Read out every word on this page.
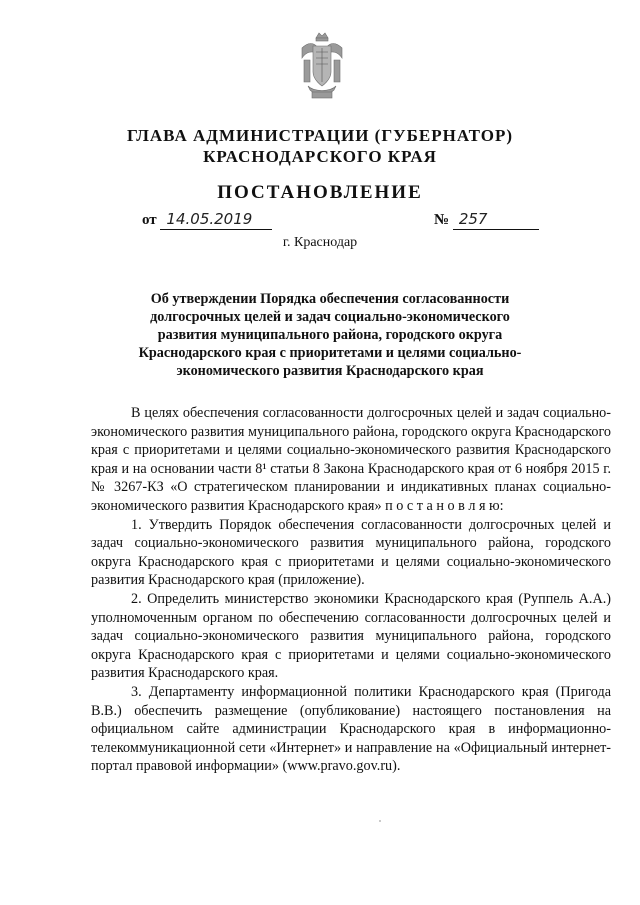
ГЛАВА АДМИНИСТРАЦИИ (ГУБЕРНАТОР)
КРАСНОДАРСКОГО КРАЯ
ПОСТАНОВЛЕНИЕ
от 14.05.2019	№ 257
г. Краснодар
Об утверждении Порядка обеспечения согласованности долгосрочных целей и задач социально-экономического развития муниципального района, городского округа Краснодарского края с приоритетами и целями социально-экономического развития Краснодарского края

В целях обеспечения согласованности долгосрочных целей и задач социально-экономического развития муниципального района, городского округа Краснодарского края с приоритетами и целями социально-экономического развития Краснодарского края и на основании части 8¹ статьи 8 Закона Краснодарского края от 6 ноября 2015 г. № 3267-КЗ «О стратегическом планировании и индикативных планах социально-экономического развития Краснодарского края» п о с т а н о в л я ю:

1. Утвердить Порядок обеспечения согласованности долгосрочных целей и задач социально-экономического развития муниципального района, городского округа Краснодарского края с приоритетами и целями социально-экономического развития Краснодарского края (приложение).

2. Определить министерство экономики Краснодарского края (Руппель А.А.) уполномоченным органом по обеспечению согласованности долгосрочных целей и задач социально-экономического развития муниципального района, городского округа Краснодарского края с приоритетами и целями социально-экономического развития Краснодарского края.

3. Департаменту информационной политики Краснодарского края (Пригода В.В.) обеспечить размещение (опубликование) настоящего постановления на официальном сайте администрации Краснодарского края в информационно-телекоммуникационной сети «Интернет» и направление на «Официальный интернет-портал правовой информации» (www.pravo.gov.ru).
